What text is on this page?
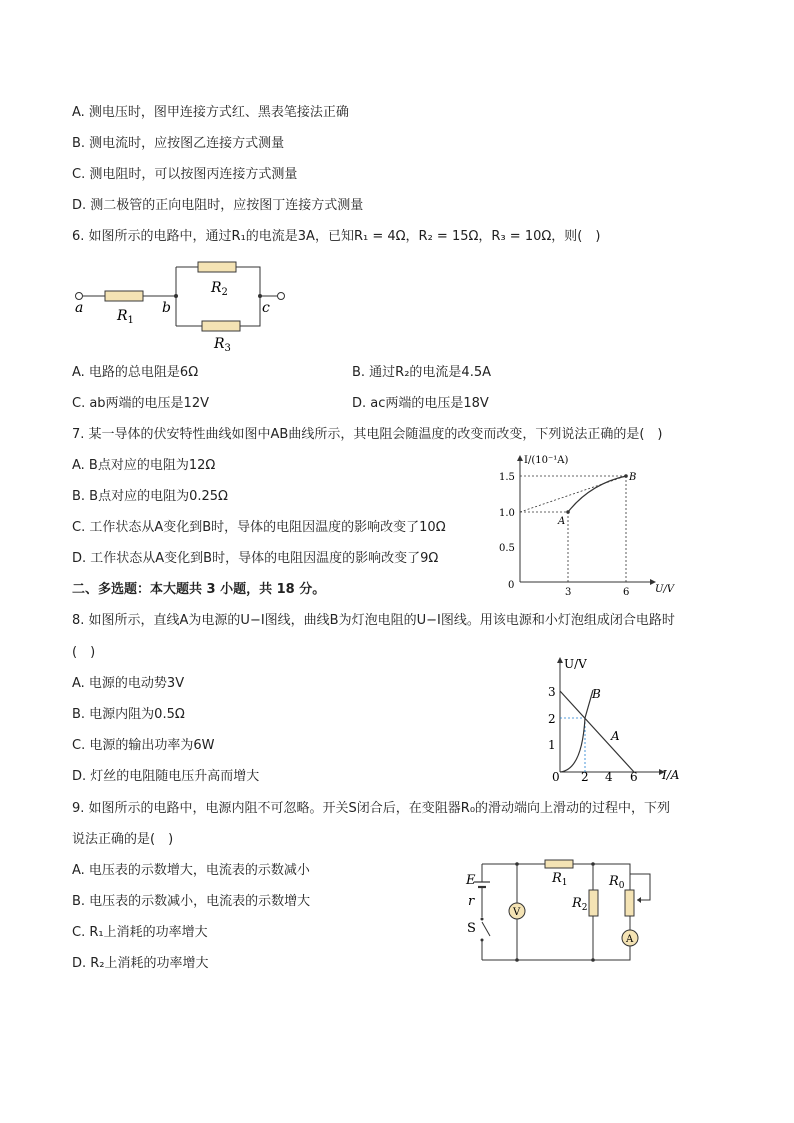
A. 测电压时，图甲连接方式红、黑表笔接法正确
B. 测电流时，应按图乙连接方式测量
C. 测电阻时，可以按图丙连接方式测量
D. 测二极管的正向电阻时，应按图丁连接方式测量
6. 如图所示的电路中，通过R₁的电流是3A，已知R₁ = 4Ω，R₂ = 15Ω，R₃ = 10Ω，则(　)
a	b	c
$R_1$
$R_2$
$R_3$
A. 电路的总电阻是6Ω	B. 通过R₂的电流是4.5A
C. ab两端的电压是12V	D. ac两端的电压是18V
7. 某一导体的伏安特性曲线如图中AB曲线所示，其电阻会随温度的改变而改变，下列说法正确的是(　)
A. B点对应的电阻为12Ω
B. B点对应的电阻为0.25Ω
C. 工作状态从A变化到B时，导体的电阻因温度的影响改变了10Ω
D. 工作状态从A变化到B时，导体的电阻因温度的影响改变了9Ω
I/(10⁻¹A)
U/V
0
1.5
1.0
0.5
3	6
A
B
二、多选题：本大题共 3 小题，共 18 分。
8. 如图所示，直线A为电源的U−I图线，曲线B为灯泡电阻的U−I图线。用该电源和小灯泡组成闭合电路时
(　)
A. 电源的电动势3V
B. 电源内阻为0.5Ω
C. 电源的输出功率为6W
D. 灯丝的电阻随电压升高而增大
U/V
I/A
0
3
2
1
2 4 6
A
B
9. 如图所示的电路中，电源内阻不可忽略。开关S闭合后，在变阻器R₀的滑动端向上滑动的过程中，下列
说法正确的是(　)
A. 电压表的示数增大，电流表的示数减小
B. 电压表的示数减小，电流表的示数增大
C. R₁上消耗的功率增大
D. R₂上消耗的功率增大
E
r
S
V
A
$R_1$
$R_2$
$R_0$
